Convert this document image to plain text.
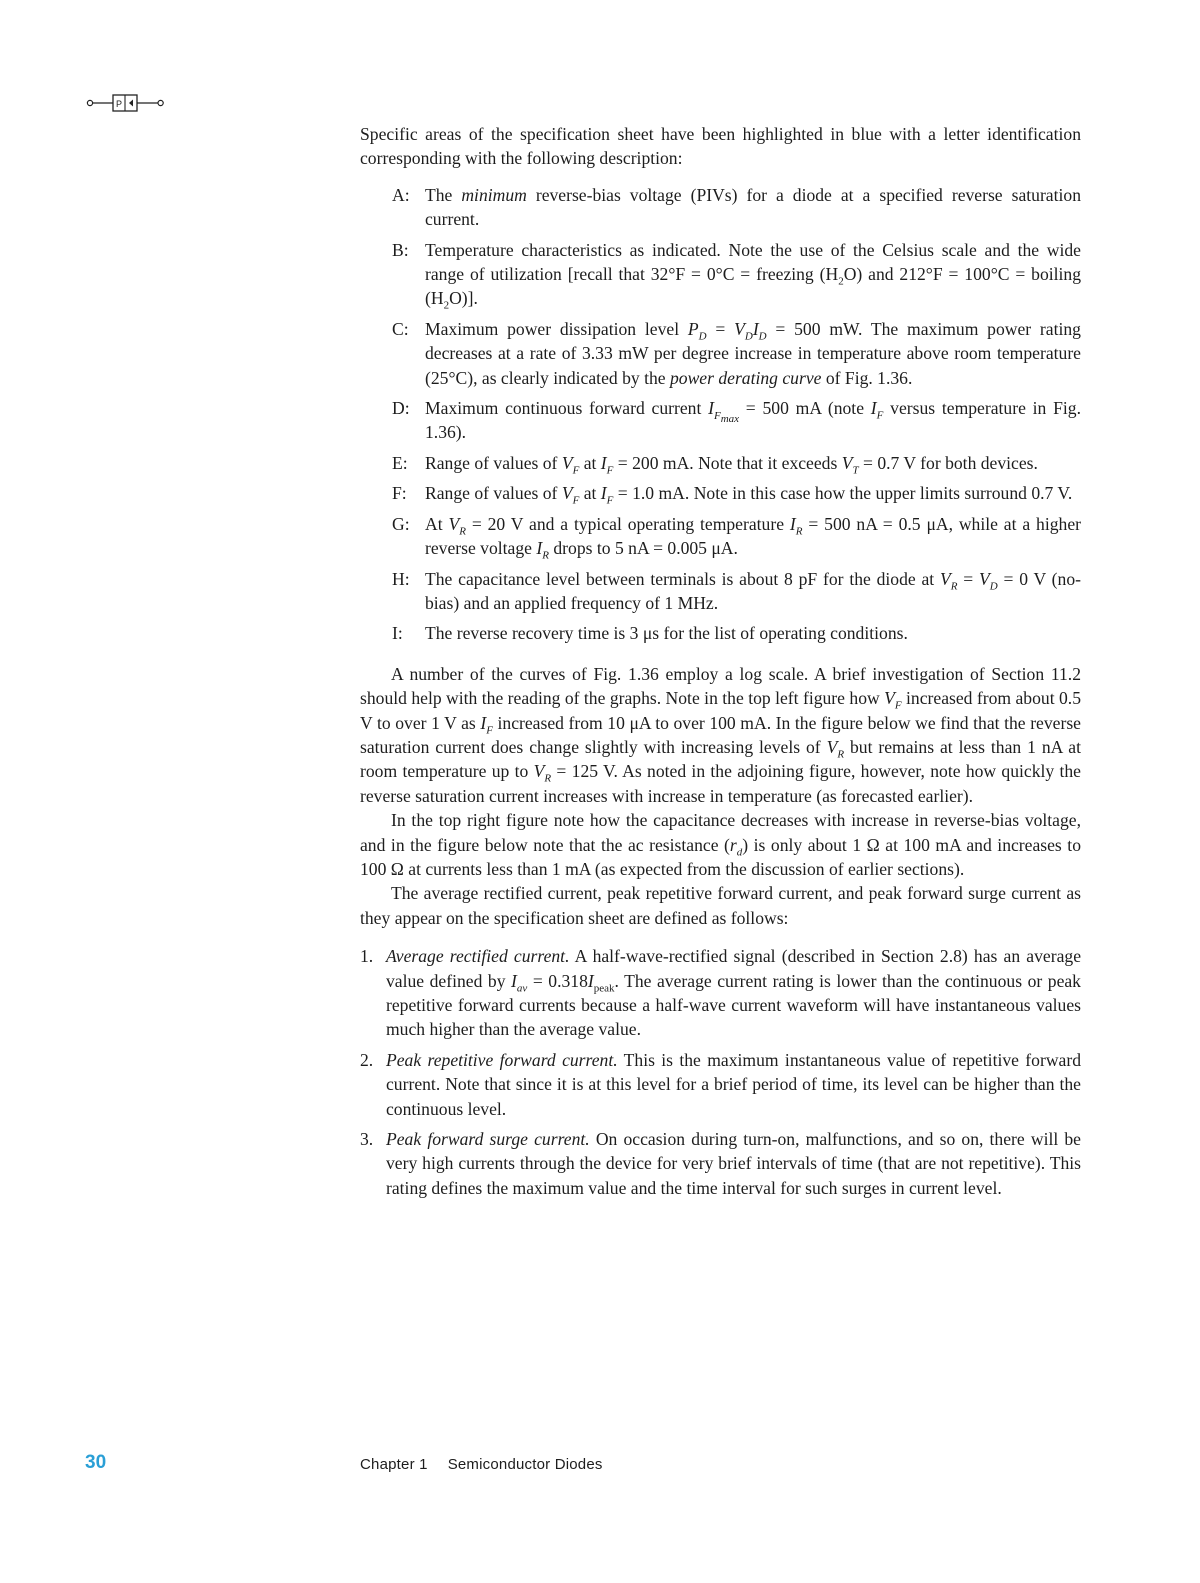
P

Specific areas of the specification sheet have been highlighted in blue with a letter identification corresponding with the following description:

A: The minimum reverse-bias voltage (PIVs) for a diode at a specified reverse saturation current.
B: Temperature characteristics as indicated. Note the use of the Celsius scale and the wide range of utilization [recall that 32°F = 0°C = freezing $(H_2O)$ and 212°F = 100°C = boiling $(H_2O)$].
C: Maximum power dissipation level $P_D = V_DI_D = 500$ mW. The maximum power rating decreases at a rate of 3.33 mW per degree increase in temperature above room temperature (25°C), as clearly indicated by the power derating curve of Fig. 1.36.
D: Maximum continuous forward current $I_{F_{max}} = 500$ mA (note $I_F$ versus temperature in Fig. 1.36).
E: Range of values of $V_F$ at $I_F = 200$ mA. Note that it exceeds $V_T = 0.7$ V for both devices.
F: Range of values of $V_F$ at $I_F = 1.0$ mA. Note in this case how the upper limits surround 0.7 V.
G: At $V_R = 20$ V and a typical operating temperature $I_R = 500$ nA = 0.5 μA, while at a higher reverse voltage $I_R$ drops to 5 nA = 0.005 μA.
H: The capacitance level between terminals is about 8 pF for the diode at $V_R = V_D = 0$ V (no-bias) and an applied frequency of 1 MHz.
I: The reverse recovery time is 3 μs for the list of operating conditions.

A number of the curves of Fig. 1.36 employ a log scale. A brief investigation of Section 11.2 should help with the reading of the graphs. Note in the top left figure how $V_F$ increased from about 0.5 V to over 1 V as $I_F$ increased from 10 μA to over 100 mA. In the figure below we find that the reverse saturation current does change slightly with increasing levels of $V_R$ but remains at less than 1 nA at room temperature up to $V_R = 125$ V. As noted in the adjoining figure, however, note how quickly the reverse saturation current increases with increase in temperature (as forecasted earlier).

In the top right figure note how the capacitance decreases with increase in reverse-bias voltage, and in the figure below note that the ac resistance $(r_d)$ is only about 1 Ω at 100 mA and increases to 100 Ω at currents less than 1 mA (as expected from the discussion of earlier sections).

The average rectified current, peak repetitive forward current, and peak forward surge current as they appear on the specification sheet are defined as follows:

1. Average rectified current. A half-wave-rectified signal (described in Section 2.8) has an average value defined by $I_{av} = 0.318I_{peak}$. The average current rating is lower than the continuous or peak repetitive forward currents because a half-wave current waveform will have instantaneous values much higher than the average value.
2. Peak repetitive forward current. This is the maximum instantaneous value of repetitive forward current. Note that since it is at this level for a brief period of time, its level can be higher than the continuous level.
3. Peak forward surge current. On occasion during turn-on, malfunctions, and so on, there will be very high currents through the device for very brief intervals of time (that are not repetitive). This rating defines the maximum value and the time interval for such surges in current level.
30	Chapter 1 Semiconductor Diodes
